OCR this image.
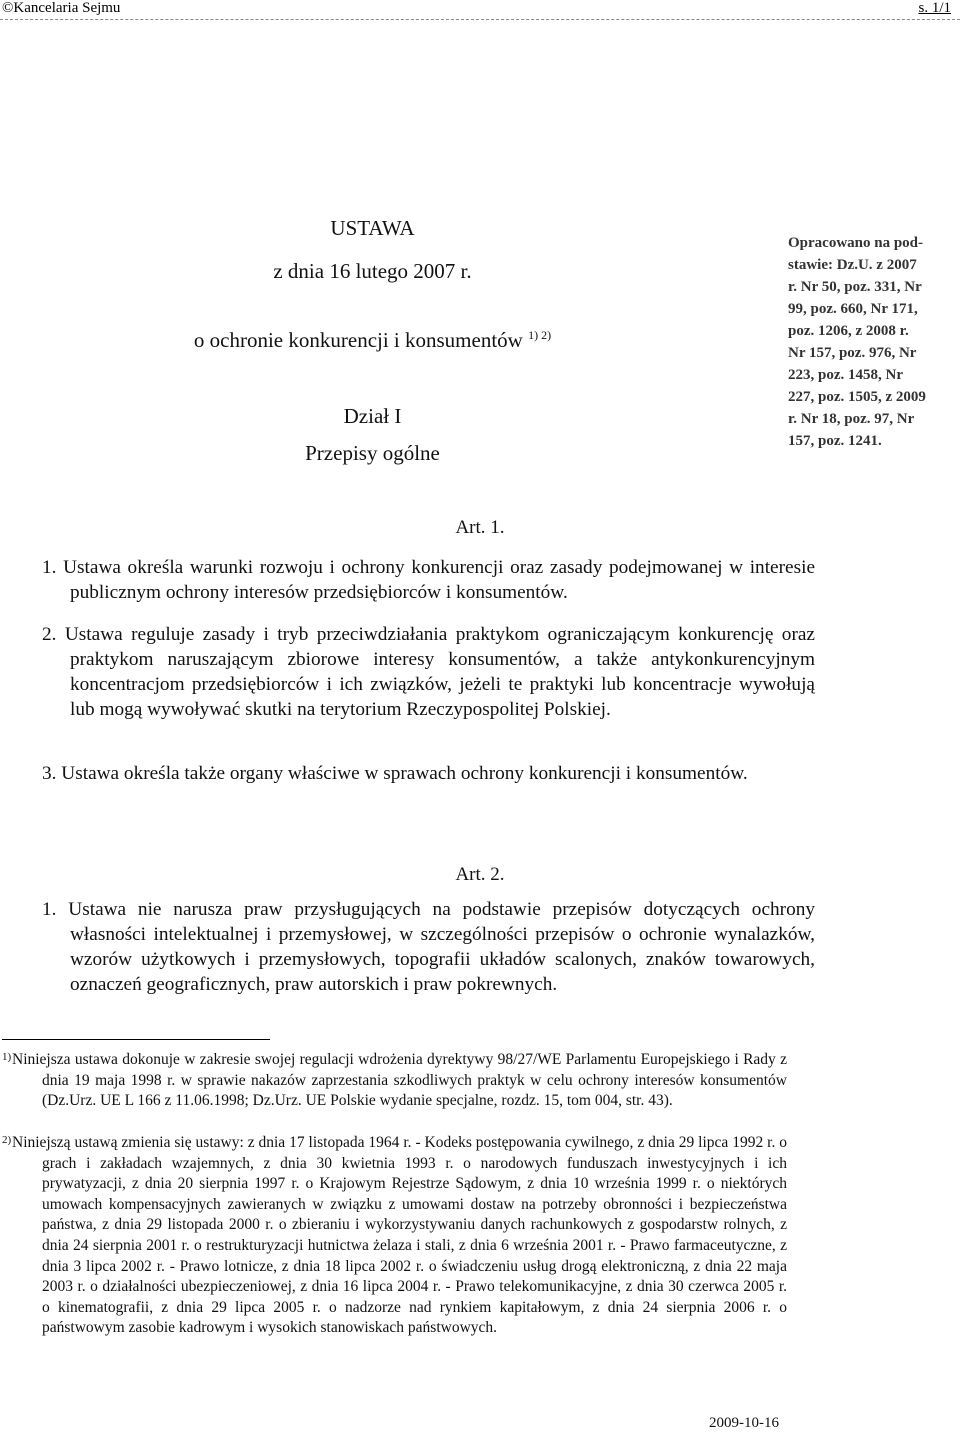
©Kancelaria Sejmu	s. 1/1
USTAWA
z dnia 16 lutego 2007 r.
o ochronie konkurencji i konsumentów $^{1) 2)}$
Dział I
Przepisy ogólne
Opracowano na pod-
stawie: Dz.U. z 2007
r. Nr 50, poz. 331, Nr
99, poz. 660, Nr 171,
poz. 1206, z 2008 r.
Nr 157, poz. 976, Nr
223, poz. 1458, Nr
227, poz. 1505, z 2009
r. Nr 18, poz. 97, Nr
157, poz. 1241.
Art. 1.
1. Ustawa określa warunki rozwoju i ochrony konkurencji oraz zasady podejmowanej w interesie publicznym ochrony interesów przedsiębiorców i konsumentów.
2. Ustawa reguluje zasady i tryb przeciwdziałania praktykom ograniczającym konkurencję oraz praktykom naruszającym zbiorowe interesy konsumentów, a także antykonkurencyjnym koncentracjom przedsiębiorców i ich związków, jeżeli te praktyki lub koncentracje wywołują lub mogą wywoływać skutki na terytorium Rzeczypospolitej Polskiej.
3. Ustawa określa także organy właściwe w sprawach ochrony konkurencji i konsumentów.
Art. 2.
1. Ustawa nie narusza praw przysługujących na podstawie przepisów dotyczących ochrony własności intelektualnej i przemysłowej, w szczególności przepisów o ochronie wynalazków, wzorów użytkowych i przemysłowych, topografii układów scalonych, znaków towarowych, oznaczeń geograficznych, praw autorskich i praw pokrewnych.
1) Niniejsza ustawa dokonuje w zakresie swojej regulacji wdrożenia dyrektywy 98/27/WE Parlamentu Europejskiego i Rady z dnia 19 maja 1998 r. w sprawie nakazów zaprzestania szkodliwych praktyk w celu ochrony interesów konsumentów (Dz.Urz. UE L 166 z 11.06.1998; Dz.Urz. UE Polskie wydanie specjalne, rozdz. 15, tom 004, str. 43).
2) Niniejszą ustawą zmienia się ustawy: z dnia 17 listopada 1964 r. - Kodeks postępowania cywilnego, z dnia 29 lipca 1992 r. o grach i zakładach wzajemnych, z dnia 30 kwietnia 1993 r. o narodowych funduszach inwestycyjnych i ich prywatyzacji, z dnia 20 sierpnia 1997 r. o Krajowym Rejestrze Sądowym, z dnia 10 września 1999 r. o niektórych umowach kompensacyjnych zawieranych w związku z umowami dostaw na potrzeby obronności i bezpieczeństwa państwa, z dnia 29 listopada 2000 r. o zbieraniu i wykorzystywaniu danych rachunkowych z gospodarstw rolnych, z dnia 24 sierpnia 2001 r. o restrukturyzacji hutnictwa żelaza i stali, z dnia 6 września 2001 r. - Prawo farmaceutyczne, z dnia 3 lipca 2002 r. - Prawo lotnicze, z dnia 18 lipca 2002 r. o świadczeniu usług drogą elektroniczną, z dnia 22 maja 2003 r. o działalności ubezpieczeniowej, z dnia 16 lipca 2004 r. - Prawo telekomunikacyjne, z dnia 30 czerwca 2005 r. o kinematografii, z dnia 29 lipca 2005 r. o nadzorze nad rynkiem kapitałowym, z dnia 24 sierpnia 2006 r. o państwowym zasobie kadrowym i wysokich stanowiskach państwowych.
2009-10-16
